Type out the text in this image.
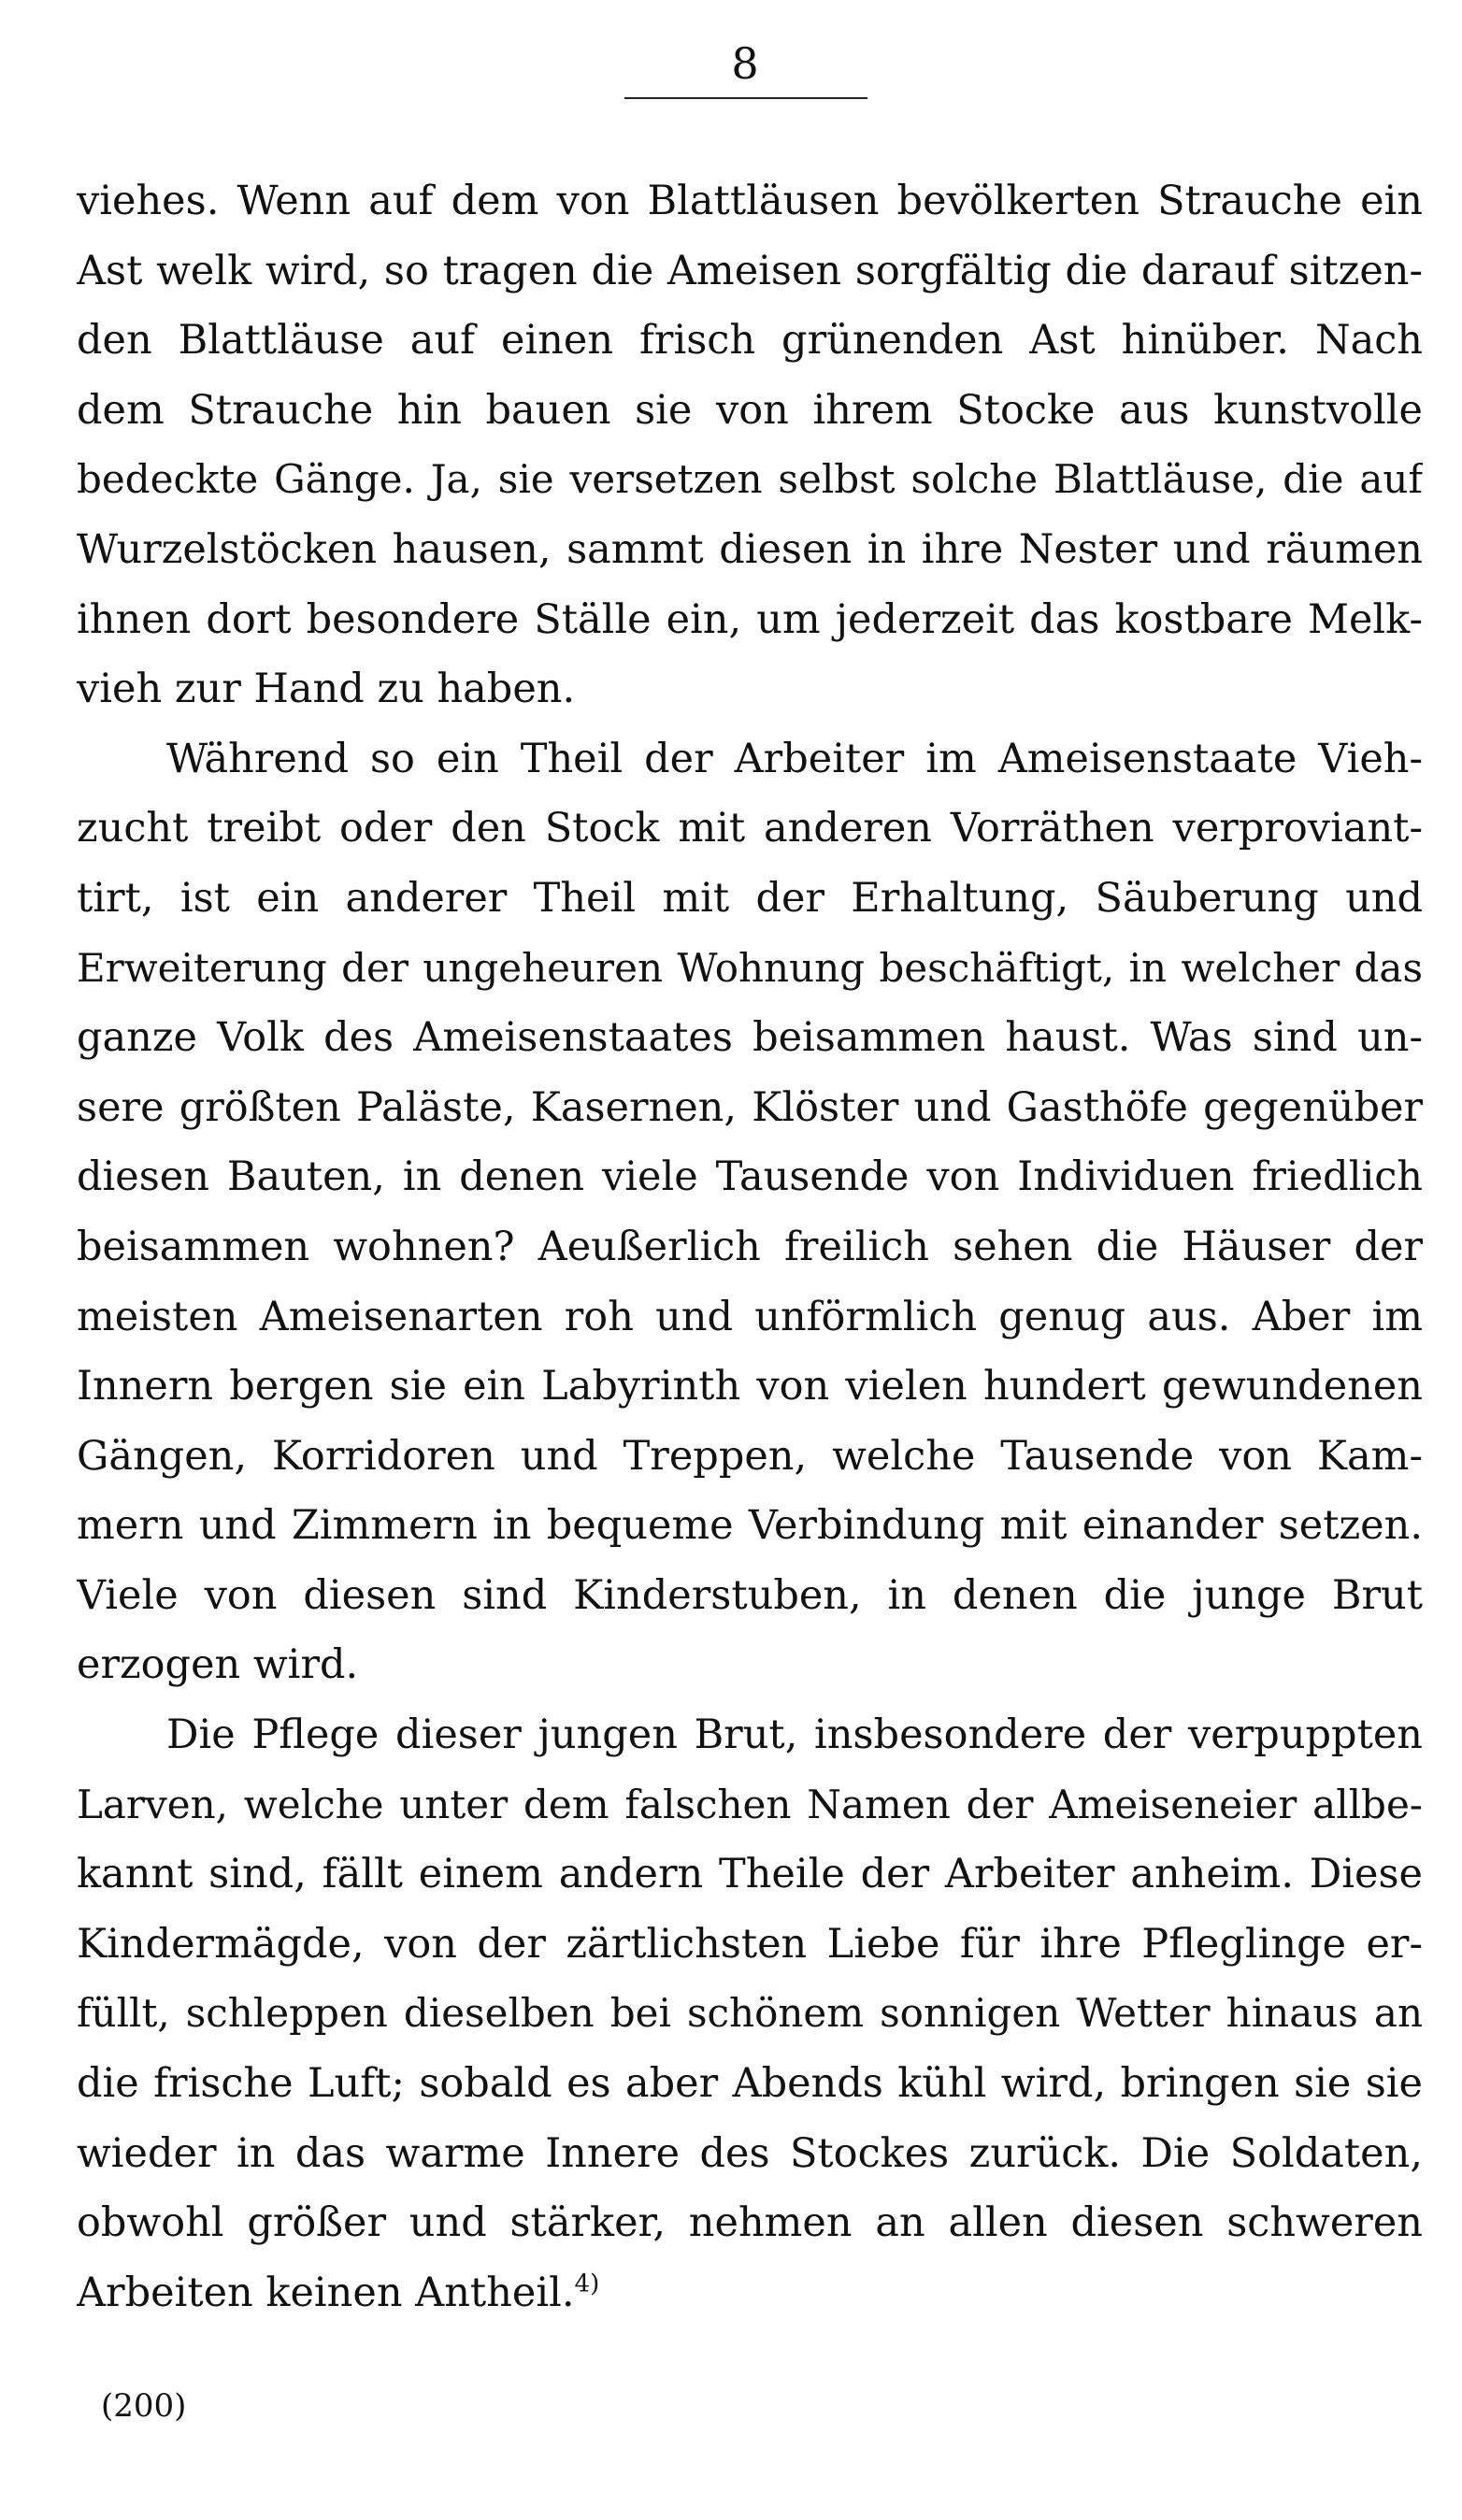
8
viehes. Wenn auf dem von Blattläusen bevölkerten Strauche ein
Ast welk wird, so tragen die Ameisen sorgfältig die darauf sitzen-
den Blattläuse auf einen frisch grünenden Ast hinüber. Nach
dem Strauche hin bauen sie von ihrem Stocke aus kunstvolle
bedeckte Gänge. Ja, sie versetzen selbst solche Blattläuse, die auf
Wurzelstöcken hausen, sammt diesen in ihre Nester und räumen
ihnen dort besondere Ställe ein, um jederzeit das kostbare Melk-
vieh zur Hand zu haben.
Während so ein Theil der Arbeiter im Ameisenstaate Vieh-
zucht treibt oder den Stock mit anderen Vorräthen verproviant-
tirt, ist ein anderer Theil mit der Erhaltung, Säuberung und
Erweiterung der ungeheuren Wohnung beschäftigt, in welcher das
ganze Volk des Ameisenstaates beisammen haust. Was sind un-
sere größten Paläste, Kasernen, Klöster und Gasthöfe gegenüber
diesen Bauten, in denen viele Tausende von Individuen friedlich
beisammen wohnen? Aeußerlich freilich sehen die Häuser der
meisten Ameisenarten roh und unförmlich genug aus. Aber im
Innern bergen sie ein Labyrinth von vielen hundert gewundenen
Gängen, Korridoren und Treppen, welche Tausende von Kam-
mern und Zimmern in bequeme Verbindung mit einander setzen.
Viele von diesen sind Kinderstuben, in denen die junge Brut
erzogen wird.
Die Pflege dieser jungen Brut, insbesondere der verpuppten
Larven, welche unter dem falschen Namen der Ameiseneier allbe-
kannt sind, fällt einem andern Theile der Arbeiter anheim. Diese
Kindermägde, von der zärtlichsten Liebe für ihre Pfleglinge er-
füllt, schleppen dieselben bei schönem sonnigen Wetter hinaus an
die frische Luft; sobald es aber Abends kühl wird, bringen sie sie
wieder in das warme Innere des Stockes zurück. Die Soldaten,
obwohl größer und stärker, nehmen an allen diesen schweren
Arbeiten keinen Antheil.$^{4)}$
(200)
